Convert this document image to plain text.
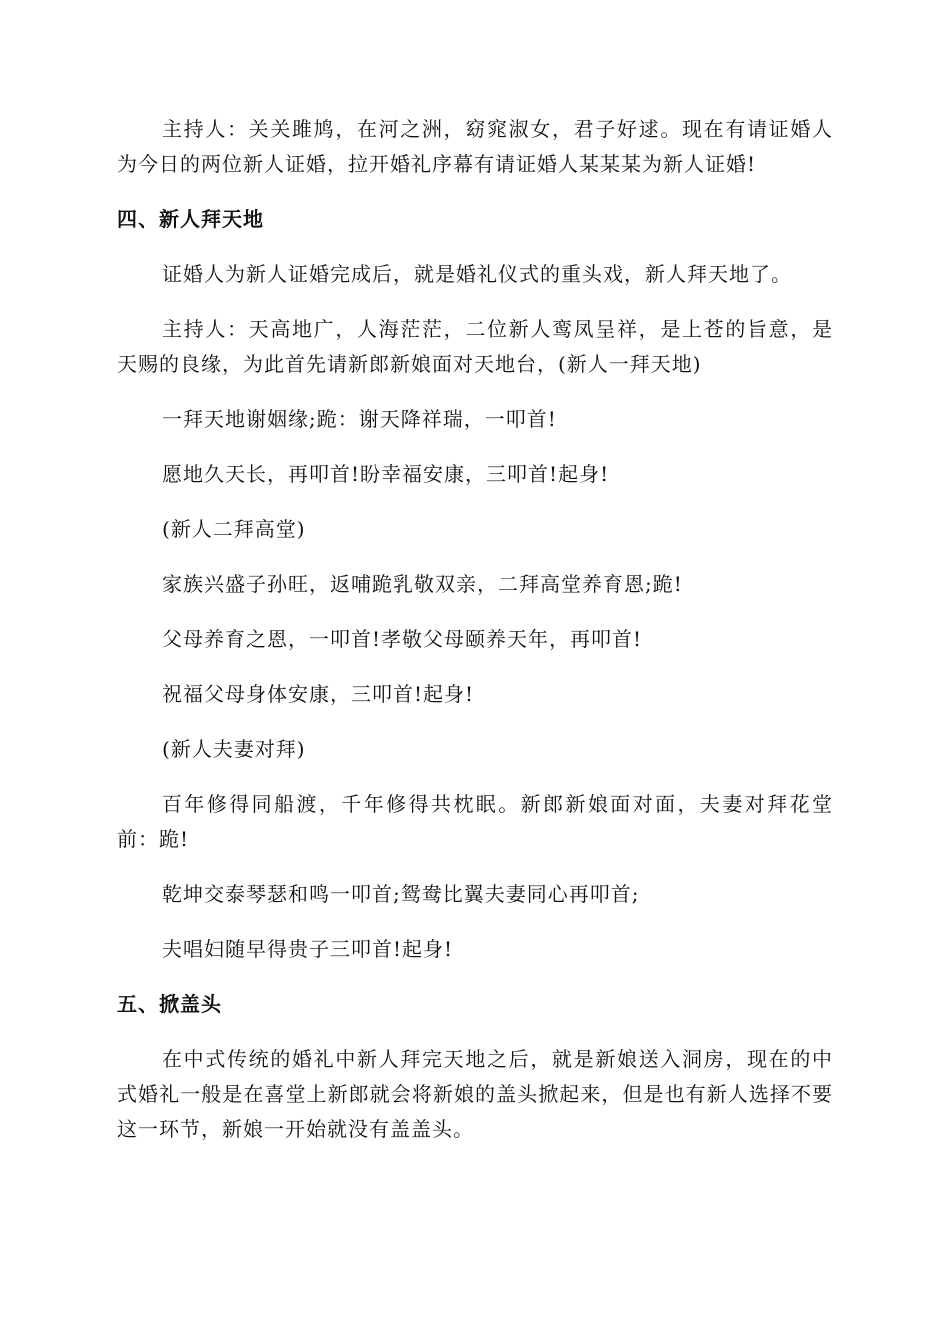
主持人：关关雎鸠，在河之洲，窈窕淑女，君子好逑。现在有请证婚人为今日的两位新人证婚，拉开婚礼序幕有请证婚人某某某为新人证婚!

四、新人拜天地

证婚人为新人证婚完成后，就是婚礼仪式的重头戏，新人拜天地了。

主持人：天高地广，人海茫茫，二位新人鸾凤呈祥，是上苍的旨意，是天赐的良缘，为此首先请新郎新娘面对天地台，(新人一拜天地)

一拜天地谢姻缘;跪：谢天降祥瑞，一叩首!

愿地久天长，再叩首!盼幸福安康，三叩首!起身!

(新人二拜高堂)

家族兴盛子孙旺，返哺跪乳敬双亲，二拜高堂养育恩;跪!

父母养育之恩，一叩首!孝敬父母颐养天年，再叩首!

祝福父母身体安康，三叩首!起身!

(新人夫妻对拜)

百年修得同船渡，千年修得共枕眠。新郎新娘面对面，夫妻对拜花堂前：跪!

乾坤交泰琴瑟和鸣一叩首;鸳鸯比翼夫妻同心再叩首;

夫唱妇随早得贵子三叩首!起身!

五、掀盖头

在中式传统的婚礼中新人拜完天地之后，就是新娘送入洞房，现在的中式婚礼一般是在喜堂上新郎就会将新娘的盖头掀起来，但是也有新人选择不要这一环节，新娘一开始就没有盖盖头。
